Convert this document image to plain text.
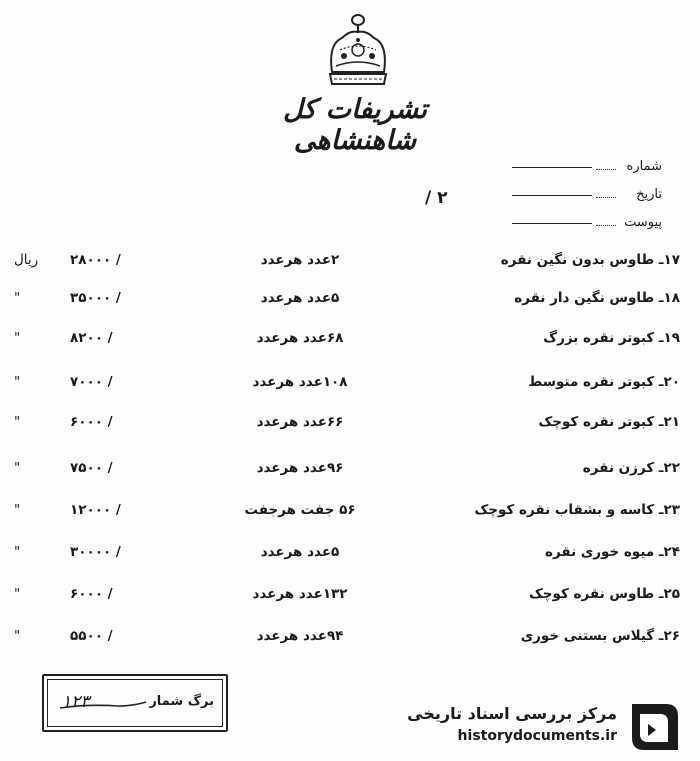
تشریفات کل شاهنشاهی
شماره
تاریخ
پیوست
۲ /
۱۷ـ طاوس بدون نگین نقره
۲عدد هرعدد
/ ۲۸۰۰۰
ریال
۱۸ـ طاوس نگین دار نقره
۵عدد هرعدد
/ ۳۵۰۰۰
"
۱۹ـ کبوتر نقره بزرگ
۶۸عدد هرعدد
/ ۸۲۰۰
"
۲۰ـ کبوتر نقره متوسط
۱۰۸عدد هرعدد
/ ۷۰۰۰
"
۲۱ـ کبوتر نقره کوچک
۶۶عدد هرعدد
/ ۶۰۰۰
"
۲۲ـ کرزن نقره
۹۶عدد هرعدد
/ ۷۵۰۰
"
۲۳ـ کاسه و بشقاب نقره کوچک
۵۶ جفت هرجفت
/ ۱۲۰۰۰
"
۲۴ـ میوه خوری نقره
۵عدد هرعدد
/ ۳۰۰۰۰
"
۲۵ـ طاوس نقره کوچک
۱۳۲عدد هرعدد
/ ۶۰۰۰
"
۲۶ـ گیلاس بستنی خوری
۹۴عدد هرعدد
/ ۵۵۰۰
"
برگ شمار
۱۲۳
مرکز بررسی اسناد تاریخی
historydocuments.ir
